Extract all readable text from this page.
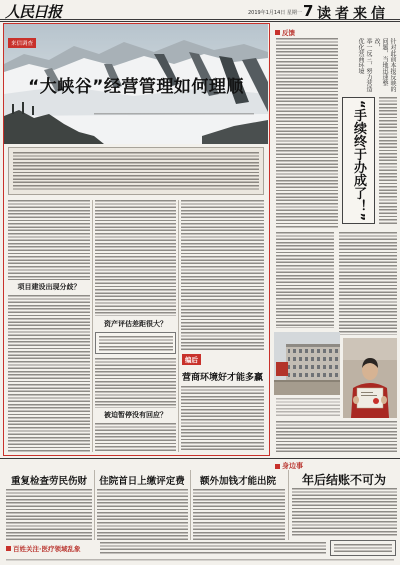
人民日报	2019年1月14日 星期一 7 读者来信
来信调查
“大峡谷”经营管理如何理顺
项目建设出现分歧？
资产评估差距很大？
被迫暂停没有回应？
编后
营商环境好才能多赢
反馈
针对此前本报反映的问题，当地迅速整改，
举一反三，努力营造优化营商环境
“手续终于办成了！”
身边事
重复检查劳民伤财	住院首日上缴评定费	额外加钱才能出院	年后结账不可为
百姓关注·医疗领域乱象
